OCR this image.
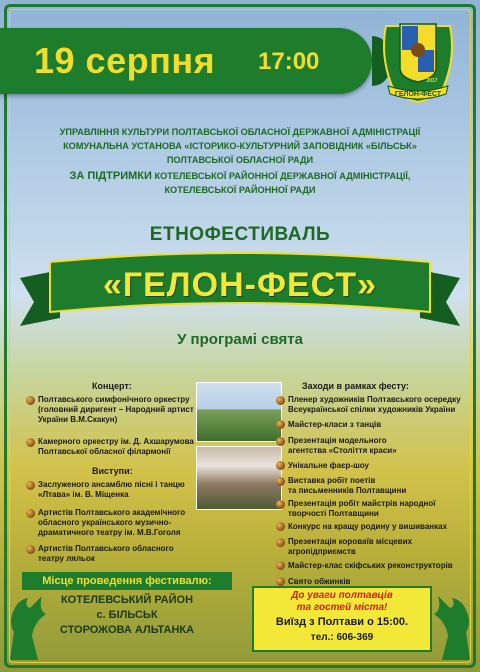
19 серпня 17:00
ГЕЛОН-ФЕСТ
2017
УПРАВЛІННЯ КУЛЬТУРИ ПОЛТАВСЬКОЇ ОБЛАСНОЇ ДЕРЖАВНОЇ АДМІНІСТРАЦІЇ
КОМУНАЛЬНА УСТАНОВА «ІСТОРИКО-КУЛЬТУРНИЙ ЗАПОВІДНИК «БІЛЬСЬК»
ПОЛТАВСЬКОЇ ОБЛАСНОЇ РАДИ
ЗА ПІДТРИМКИ КОТЕЛЕВСЬКОЇ РАЙОННОЇ ДЕРЖАВНОЇ АДМІНІСТРАЦІЇ,
КОТЕЛЕВСЬКОЇ РАЙОННОЇ РАДИ
ЕТНОФЕСТИВАЛЬ
«ГЕЛОН-ФЕСТ»
У програмі свята
Концерт:
Полтавського симфонічного оркестру
(головний диригент – Народний артист
України В.М.Скакун)
Камерного оркестру ім. Д. Ахшарумова
Полтавської обласної філармонії
Виступи:
Заслуженого ансамблю пісні і танцю
«Лтава» ім. В. Міщенка
Артистів Полтавського академічного
обласного українського музично-
драматичного театру ім. М.В.Гоголя
Артистів Полтавського обласного
театру ляльок
Заходи в рамках фесту:
Пленер художників Полтавського осередку
Всеукраїнської спілки художників України
Майстер-класи з танців
Презентація модельного
агентства «Століття краси»
Унікальне фаєр-шоу
Виставка робіт поетів
та письменників Полтавщини
Презентація робіт майстрів народної
творчості Полтавщини
Конкурс на кращу родину у вишиванках
Презентація короваїв місцевих
агропідприємств
Майстер-клас скіфських реконструкторів
Свято обжинків
Місце проведення фестивалю:
КОТЕЛЕВСЬКИЙ РАЙОН
с. БІЛЬСЬК
СТОРОЖОВА АЛЬТАНКА
До уваги полтавців
та гостей міста!
Виїзд з Полтави о 15:00.
тел.: 606-369
